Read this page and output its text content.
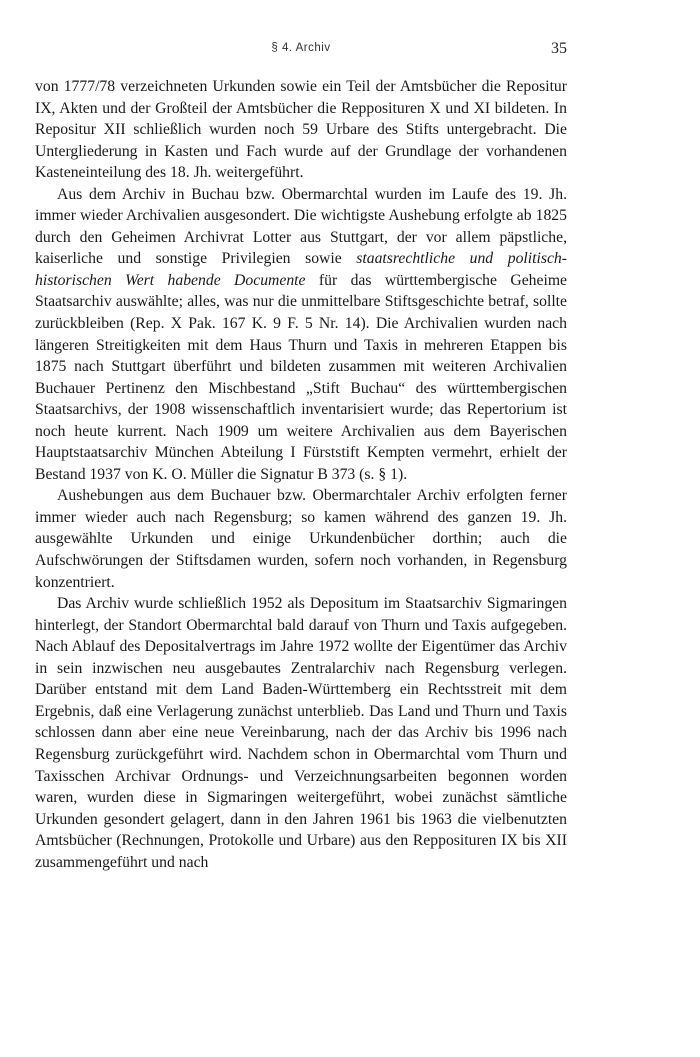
§ 4. Archiv	35

von 1777/78 verzeichneten Urkunden sowie ein Teil der Amtsbücher die Repositur IX, Akten und der Großteil der Amtsbücher die Repposituren X und XI bildeten. In Repositur XII schließlich wurden noch 59 Urbare des Stifts untergebracht. Die Untergliederung in Kasten und Fach wurde auf der Grundlage der vorhandenen Kasteneinteilung des 18. Jh. weitergeführt.

Aus dem Archiv in Buchau bzw. Obermarchtal wurden im Laufe des 19. Jh. immer wieder Archivalien ausgesondert. Die wichtigste Aushebung erfolgte ab 1825 durch den Geheimen Archivrat Lotter aus Stuttgart, der vor allem päpstliche, kaiserliche und sonstige Privilegien sowie staatsrechtliche und politisch-historischen Wert habende Documente für das württembergische Geheime Staatsarchiv auswählte; alles, was nur die unmittelbare Stiftsgeschichte betraf, sollte zurückbleiben (Rep. X Pak. 167 K. 9 F. 5 Nr. 14). Die Archivalien wurden nach längeren Streitigkeiten mit dem Haus Thurn und Taxis in mehreren Etappen bis 1875 nach Stuttgart überführt und bildeten zusammen mit weiteren Archivalien Buchauer Pertinenz den Mischbestand „Stift Buchau“ des württembergischen Staatsarchivs, der 1908 wissenschaftlich inventarisiert wurde; das Repertorium ist noch heute kurrent. Nach 1909 um weitere Archivalien aus dem Bayerischen Hauptstaatsarchiv München Abteilung I Fürststift Kempten vermehrt, erhielt der Bestand 1937 von K. O. Müller die Signatur B 373 (s. § 1).

Aushebungen aus dem Buchauer bzw. Obermarchtaler Archiv erfolgten ferner immer wieder auch nach Regensburg; so kamen während des ganzen 19. Jh. ausgewählte Urkunden und einige Urkundenbücher dorthin; auch die Aufschwörungen der Stiftsdamen wurden, sofern noch vorhanden, in Regensburg konzentriert.

Das Archiv wurde schließlich 1952 als Depositum im Staatsarchiv Sigmaringen hinterlegt, der Standort Obermarchtal bald darauf von Thurn und Taxis aufgegeben. Nach Ablauf des Depositalvertrags im Jahre 1972 wollte der Eigentümer das Archiv in sein inzwischen neu ausgebautes Zentralarchiv nach Regensburg verlegen. Darüber entstand mit dem Land Baden-Württemberg ein Rechtsstreit mit dem Ergebnis, daß eine Verlagerung zunächst unterblieb. Das Land und Thurn und Taxis schlossen dann aber eine neue Vereinbarung, nach der das Archiv bis 1996 nach Regensburg zurückgeführt wird. Nachdem schon in Obermarchtal vom Thurn und Taxisschen Archivar Ordnungs- und Verzeichnungsarbeiten begonnen worden waren, wurden diese in Sigmaringen weitergeführt, wobei zunächst sämtliche Urkunden gesondert gelagert, dann in den Jahren 1961 bis 1963 die vielbenutzten Amtsbücher (Rechnungen, Protokolle und Urbare) aus den Repposituren IX bis XII zusammengeführt und nach
